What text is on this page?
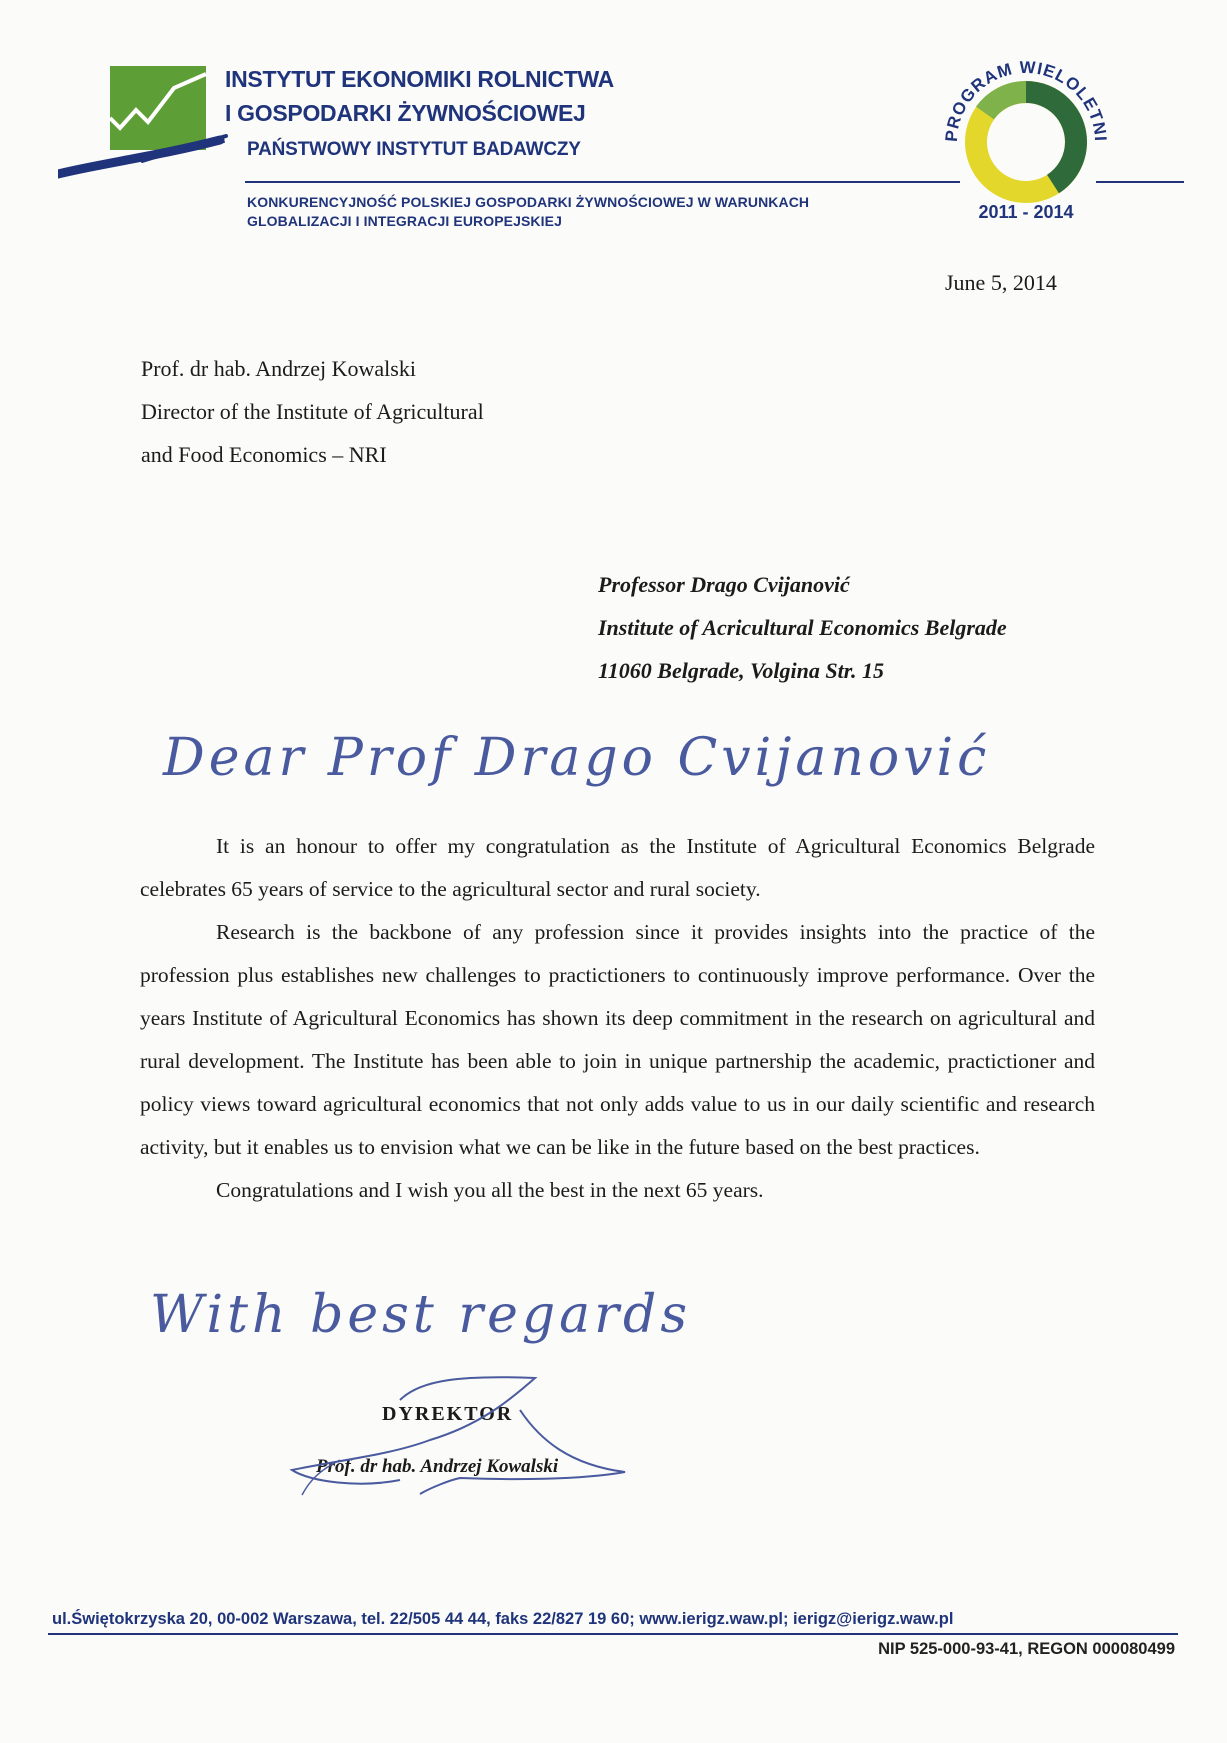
INSTYTUT EKONOMIKI ROLNICTWA
I GOSPODARKI ŻYWNOŚCIOWEJ
PAŃSTWOWY INSTYTUT BADAWCZY
KONKURENCYJNOŚĆ POLSKIEJ GOSPODARKI ŻYWNOŚCIOWEJ W WARUNKACH
GLOBALIZACJI I INTEGRACJI EUROPEJSKIEJ
PROGRAM WIELOLETNI
2011 - 2014
June 5, 2014
Prof. dr hab. Andrzej Kowalski
Director of the Institute of Agricultural
and Food Economics – NRI
Professor Drago Cvijanović
Institute of Acricultural Economics Belgrade
11060 Belgrade, Volgina Str. 15
Dear Prof Drago Cvijanović

It is an honour to offer my congratulation as the Institute of Agricultural Economics Belgrade celebrates 65 years of service to the agricultural sector and rural society.

Research is the backbone of any profession since it provides insights into the practice of the profession plus establishes new challenges to practictioners to continuously improve performance. Over the years Institute of Agricultural Economics has shown its deep commitment in the research on agricultural and rural development. The Institute has been able to join in unique partnership the academic, practictioner and policy views toward agricultural economics that not only adds value to us in our daily scientific and research activity, but it enables us to envision what we can be like in the future based on the best practices.

Congratulations and I wish you all the best in the next 65 years.

With best regards
DYREKTOR
Prof. dr hab. Andrzej Kowalski
ul.Świętokrzyska 20, 00-002 Warszawa, tel. 22/505 44 44, faks 22/827 19 60; www.ierigz.waw.pl; ierigz@ierigz.waw.pl
NIP 525-000-93-41, REGON 000080499
